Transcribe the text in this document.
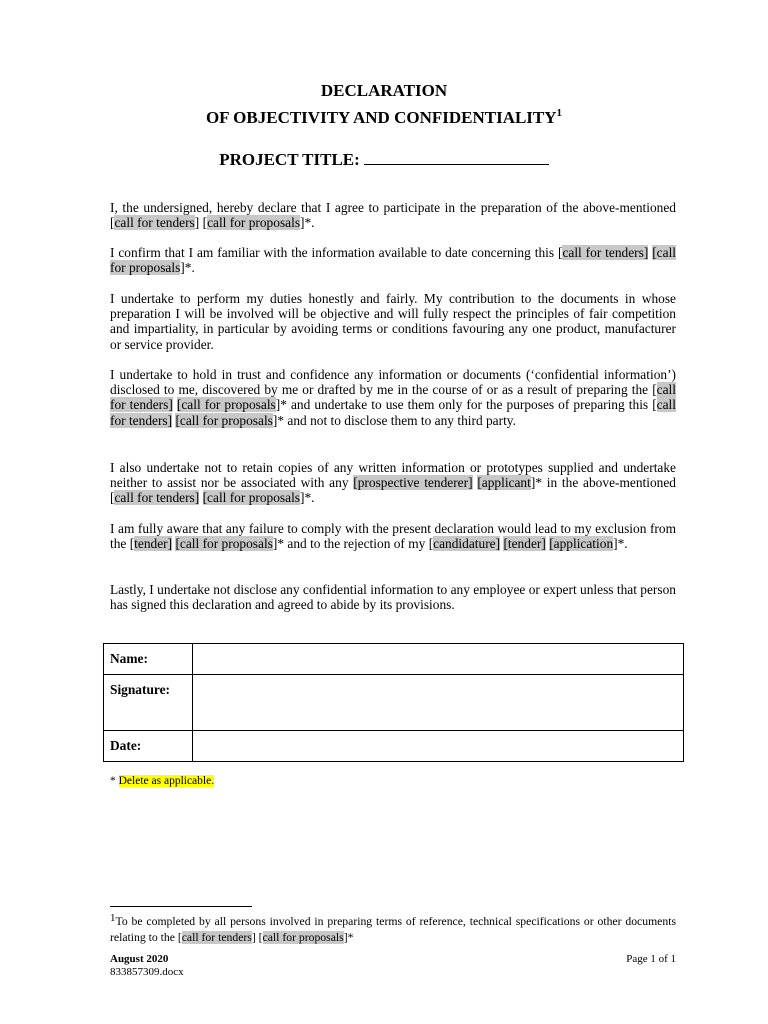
DECLARATION
OF OBJECTIVITY AND CONFIDENTIALITY$^1$
PROJECT TITLE:
I, the undersigned, hereby declare that I agree to participate in the preparation of the above-mentioned [call for tenders] [call for proposals]*.
I confirm that I am familiar with the information available to date concerning this [call for tenders] [call for proposals]*.
I undertake to perform my duties honestly and fairly. My contribution to the documents in whose preparation I will be involved will be objective and will fully respect the principles of fair competition and impartiality, in particular by avoiding terms or conditions favouring any one product, manufacturer or service provider.
I undertake to hold in trust and confidence any information or documents (‘confidential information’) disclosed to me, discovered by me or drafted by me in the course of or as a result of preparing the [call for tenders] [call for proposals]* and undertake to use them only for the purposes of preparing this [call for tenders] [call for proposals]* and not to disclose them to any third party.
I also undertake not to retain copies of any written information or prototypes supplied and undertake neither to assist nor be associated with any [prospective tenderer] [applicant]* in the above-mentioned [call for tenders] [call for proposals]*.
I am fully aware that any failure to comply with the present declaration would lead to my exclusion from the [tender] [call for proposals]* and to the rejection of my [candidature] [tender] [application]*.
Lastly, I undertake not disclose any confidential information to any employee or expert unless that person has signed this declaration and agreed to abide by its provisions.
Name:	
Signature:	
Date:	
* Delete as applicable.
$^1$To be completed by all persons involved in preparing terms of reference, technical specifications or other documents relating to the [call for tenders] [call for proposals]*
August 2020
833857309.docx
Page 1 of 1
